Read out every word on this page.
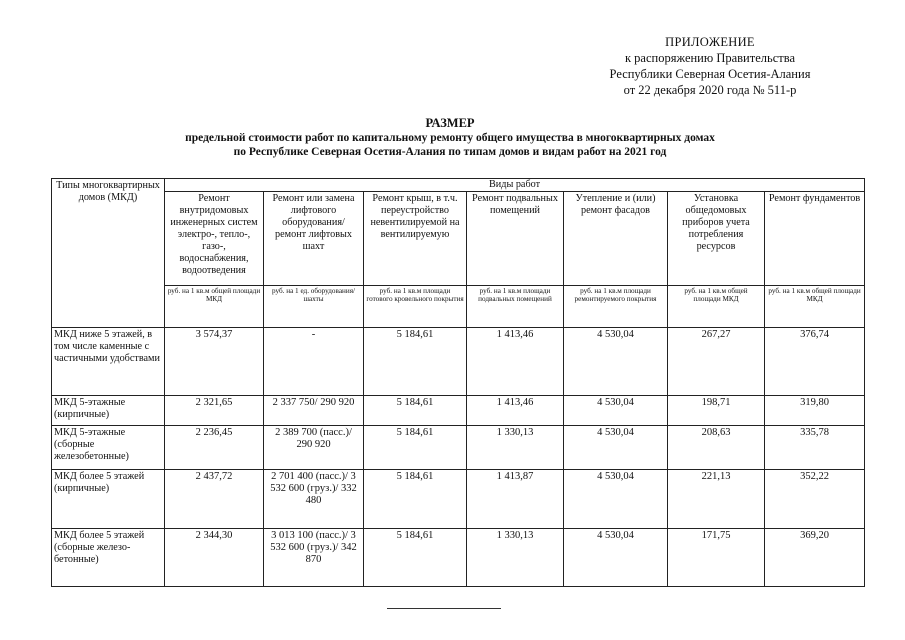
ПРИЛОЖЕНИЕ
к распоряжению Правительства
Республики Северная Осетия-Алания
от 22 декабря 2020 года № 511-р
РАЗМЕР
предельной стоимости работ по капитальному ремонту общего имущества в многоквартирных домах
по Республике Северная Осетия-Алания по типам домов и видам работ на 2021 год
Типы многоквартирных домов (МКД)	Виды работ						
	Ремонт внутридомовых инженерных систем электро-, тепло-, газо-, водоснабжения, водоотведения	Ремонт или замена лифтового оборудования/ ремонт лифтовых шахт	Ремонт крыш, в т.ч. переустройство невентилируемой на вентилируемую	Ремонт подвальных помещений	Утепление и (или) ремонт фасадов	Установка общедомовых приборов учета потребления ресурсов	Ремонт фундаментов
	руб. на 1 кв.м общей площади МКД	руб. на 1 ед. оборудования/ шахты	руб. на 1 кв.м площади готового кровельного покрытия	руб. на 1 кв.м площади подвальных помещений	руб. на 1 кв.м площади ремонтируемого покрытия	руб. на 1 кв.м общей площади МКД	руб. на 1 кв.м общей площади МКД
МКД ниже 5 этажей, в том числе каменные с частичными удобствами	3 574,37	-	5 184,61	1 413,46	4 530,04	267,27	376,74
МКД 5-этажные (кирпичные)	2 321,65	2 337 750/ 290 920	5 184,61	1 413,46	4 530,04	198,71	319,80
МКД 5-этажные (сборные железобетонные)	2 236,45	2 389 700 (пасс.)/ 290 920	5 184,61	1 330,13	4 530,04	208,63	335,78
МКД более 5 этажей (кирпичные)	2 437,72	2 701 400 (пасс.)/ 3 532 600 (груз.)/ 332 480	5 184,61	1 413,87	4 530,04	221,13	352,22
МКД более 5 этажей (сборные железо-бетонные)	2 344,30	3 013 100 (пасс.)/ 3 532 600 (груз.)/ 342 870	5 184,61	1 330,13	4 530,04	171,75	369,20
